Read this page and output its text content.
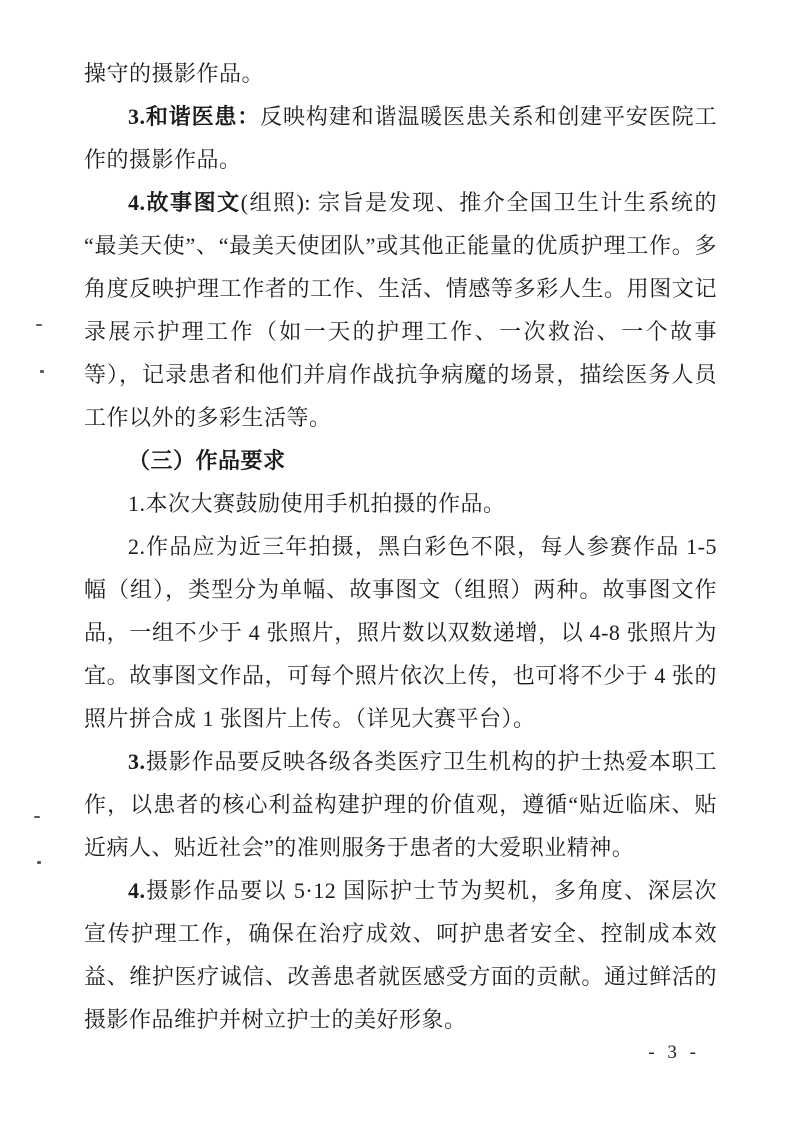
操守的摄影作品。

3.和谐医患：反映构建和谐温暖医患关系和创建平安医院工作的摄影作品。

4.故事图文(组照): 宗旨是发现、推介全国卫生计生系统的“最美天使”、“最美天使团队”或其他正能量的优质护理工作。多角度反映护理工作者的工作、生活、情感等多彩人生。用图文记录展示护理工作（如一天的护理工作、一次救治、一个故事等），记录患者和他们并肩作战抗争病魔的场景，描绘医务人员工作以外的多彩生活等。

（三）作品要求

1.本次大赛鼓励使用手机拍摄的作品。

2.作品应为近三年拍摄，黑白彩色不限，每人参赛作品 1-5 幅（组），类型分为单幅、故事图文（组照）两种。故事图文作品，一组不少于 4 张照片，照片数以双数递增，以 4-8 张照片为宜。故事图文作品，可每个照片依次上传，也可将不少于 4 张的照片拼合成 1 张图片上传。（详见大赛平台）。

3.摄影作品要反映各级各类医疗卫生机构的护士热爱本职工作，以患者的核心利益构建护理的价值观，遵循“贴近临床、贴近病人、贴近社会”的准则服务于患者的大爱职业精神。

4.摄影作品要以 5·12 国际护士节为契机，多角度、深层次宣传护理工作，确保在治疗成效、呵护患者安全、控制成本效益、维护医疗诚信、改善患者就医感受方面的贡献。通过鲜活的摄影作品维护并树立护士的美好形象。

- 3 -
